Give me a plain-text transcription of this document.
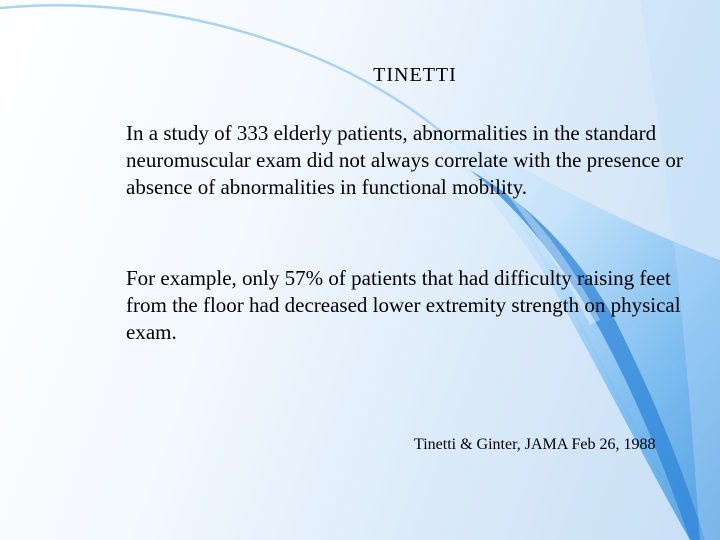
TINETTI

In a study of 333 elderly patients, abnormalities in the standard neuromuscular exam did not always correlate with the presence or absence of abnormalities in functional mobility.

For example, only 57% of patients that had difficulty raising feet from the floor had decreased lower extremity strength on physical exam.

Tinetti & Ginter, JAMA Feb 26, 1988
